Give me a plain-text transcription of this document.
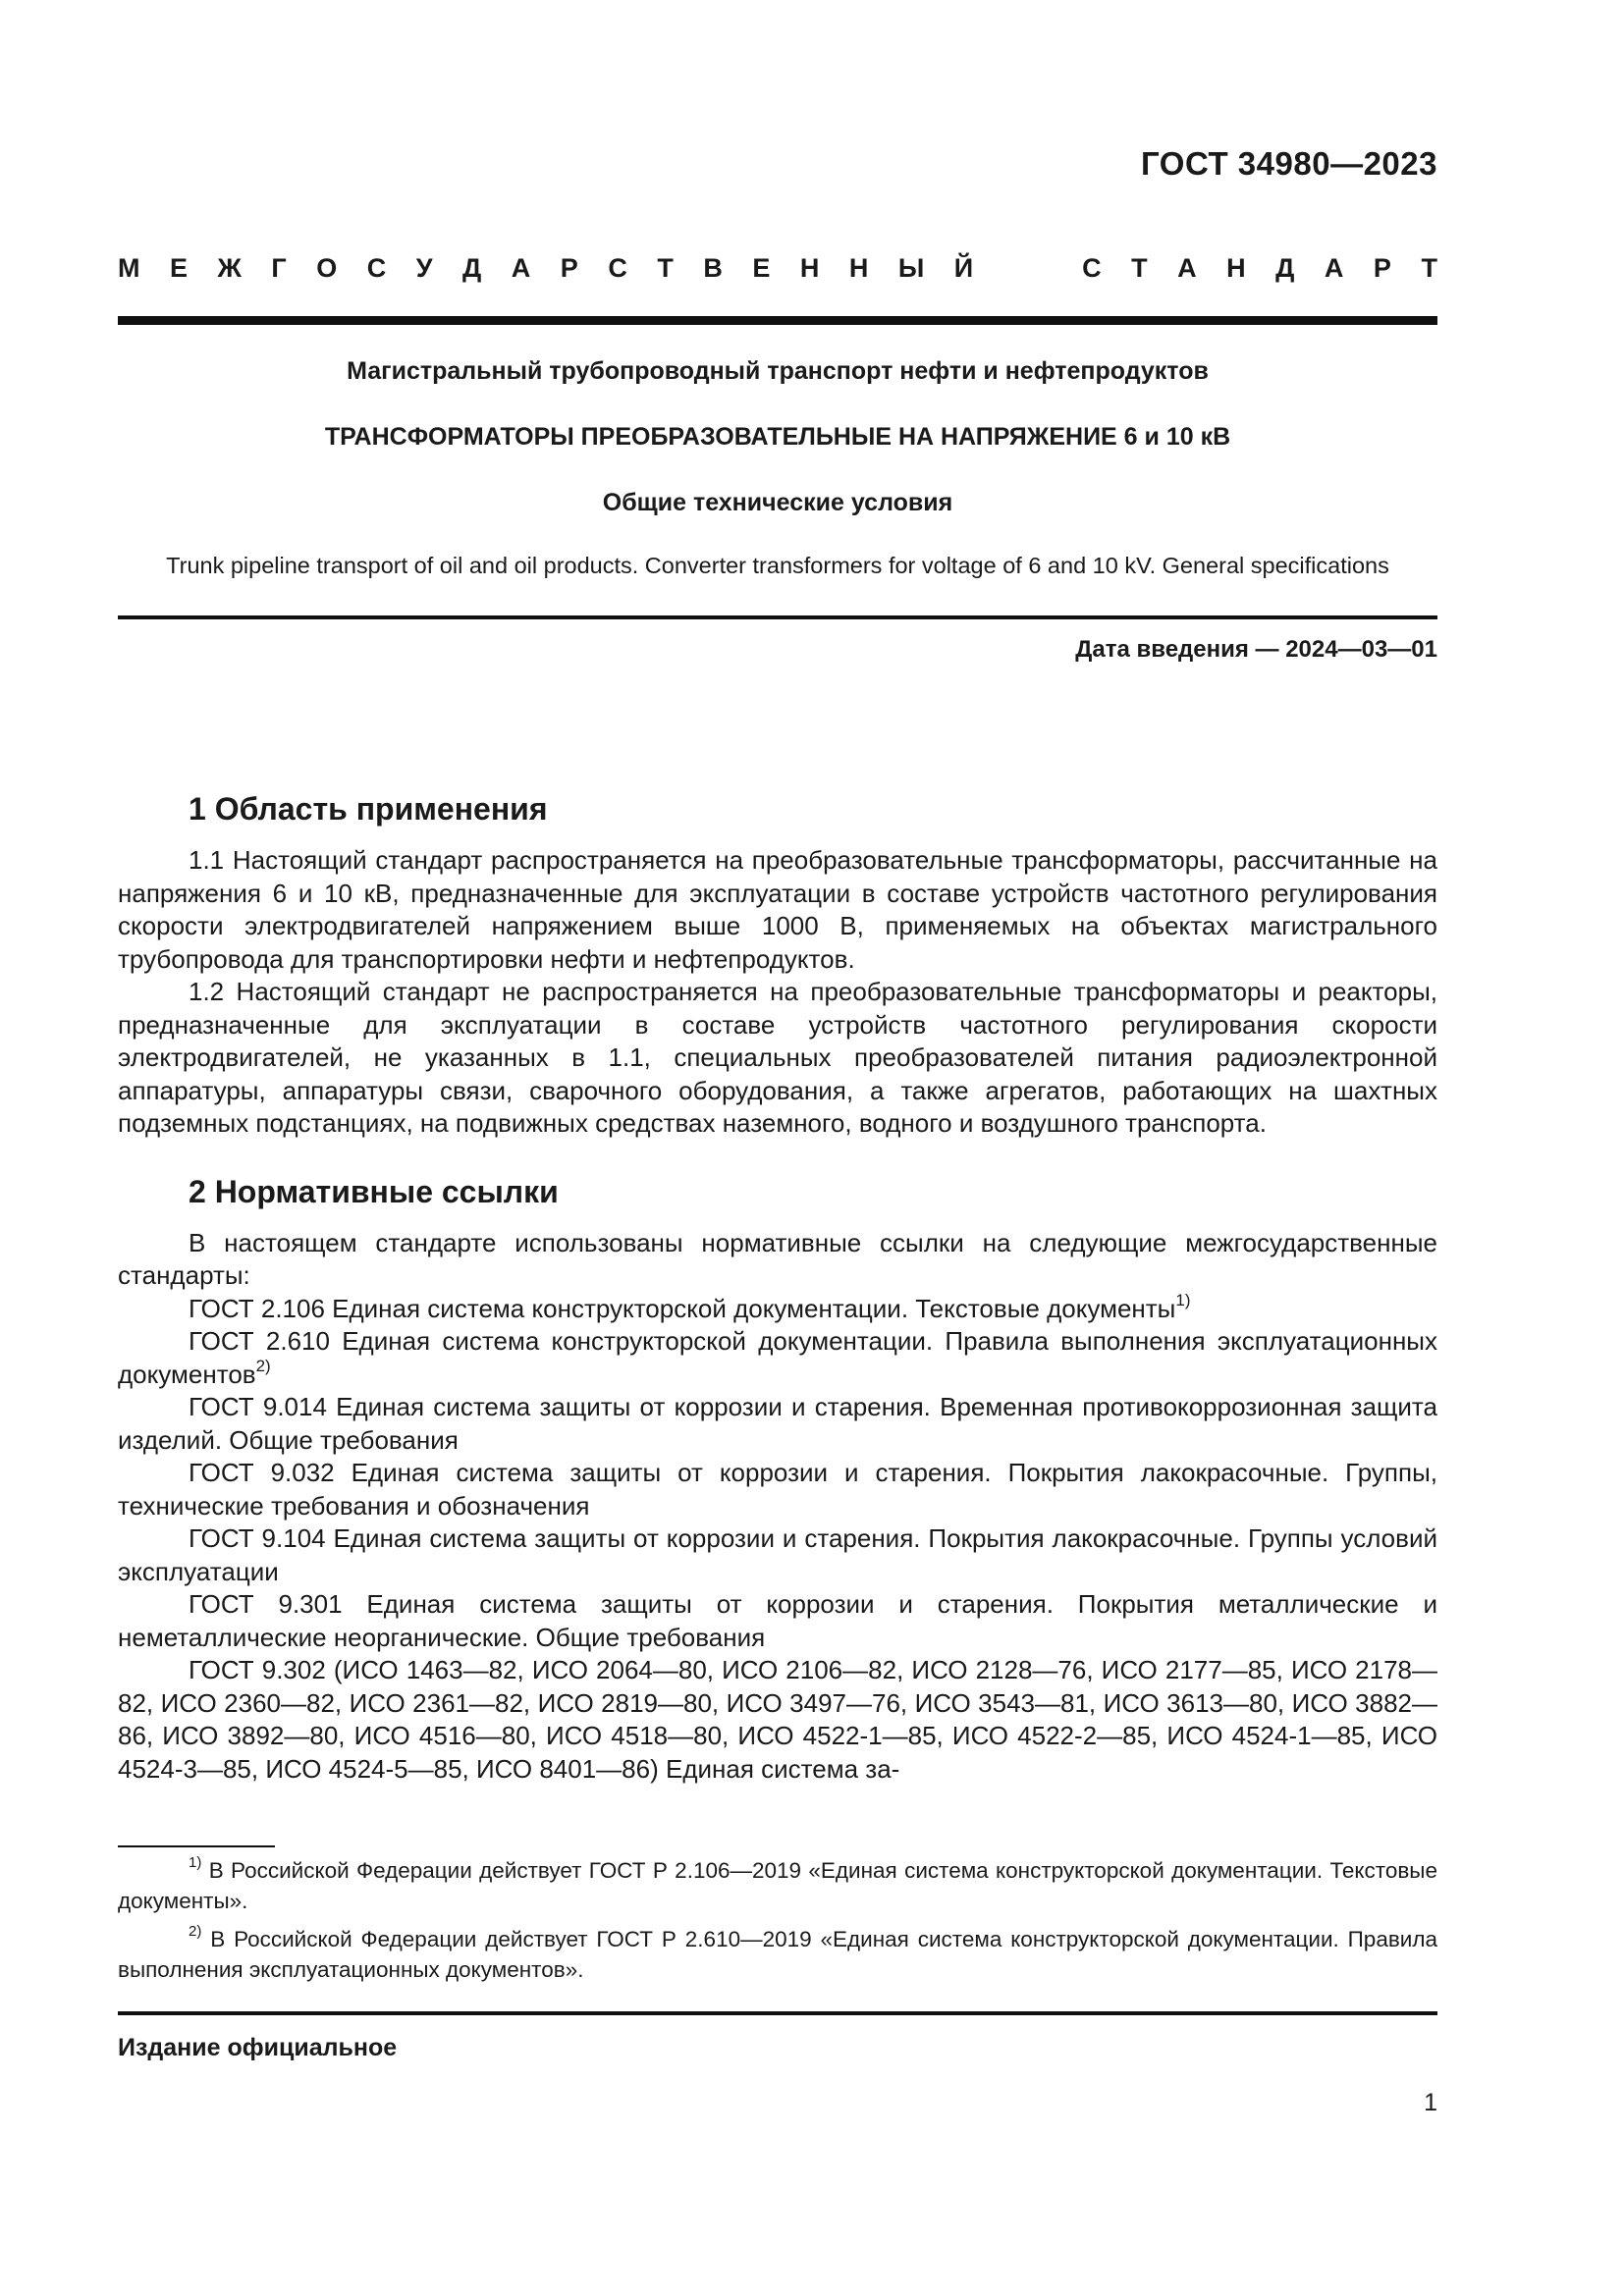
ГОСТ 34980—2023
М Е Ж Г О С У Д А Р С Т В Е Н Н Ы Й	С Т А Н Д А Р Т
Магистральный трубопроводный транспорт нефти и нефтепродуктов
ТРАНСФОРМАТОРЫ ПРЕОБРАЗОВАТЕЛЬНЫЕ НА НАПРЯЖЕНИЕ 6 и 10 кВ
Общие технические условия
Trunk pipeline transport of oil and oil products. Converter transformers for voltage of 6 and 10 kV. General specifications
Дата введения — 2024—03—01
1 Область применения

1.1 Настоящий стандарт распространяется на преобразовательные трансформаторы, рассчитанные на напряжения 6 и 10 кВ, предназначенные для эксплуатации в составе устройств частотного регулирования скорости электродвигателей напряжением выше 1000 В, применяемых на объектах магистрального трубопровода для транспортировки нефти и нефтепродуктов.

1.2 Настоящий стандарт не распространяется на преобразовательные трансформаторы и реакторы, предназначенные для эксплуатации в составе устройств частотного регулирования скорости электродвигателей, не указанных в 1.1, специальных преобразователей питания радиоэлектронной аппаратуры, аппаратуры связи, сварочного оборудования, а также агрегатов, работающих на шахтных подземных подстанциях, на подвижных средствах наземного, водного и воздушного транспорта.

2 Нормативные ссылки

В настоящем стандарте использованы нормативные ссылки на следующие межгосударственные стандарты:

ГОСТ 2.106 Единая система конструкторской документации. Текстовые документы$^{1)}$

ГОСТ 2.610 Единая система конструкторской документации. Правила выполнения эксплуатационных документов$^{2)}$

ГОСТ 9.014 Единая система защиты от коррозии и старения. Временная противокоррозионная защита изделий. Общие требования

ГОСТ 9.032 Единая система защиты от коррозии и старения. Покрытия лакокрасочные. Группы, технические требования и обозначения

ГОСТ 9.104 Единая система защиты от коррозии и старения. Покрытия лакокрасочные. Группы условий эксплуатации

ГОСТ 9.301 Единая система защиты от коррозии и старения. Покрытия металлические и неметаллические неорганические. Общие требования

ГОСТ 9.302 (ИСО 1463—82, ИСО 2064—80, ИСО 2106—82, ИСО 2128—76, ИСО 2177—85, ИСО 2178—82, ИСО 2360—82, ИСО 2361—82, ИСО 2819—80, ИСО 3497—76, ИСО 3543—81, ИСО 3613—80, ИСО 3882—86, ИСО 3892—80, ИСО 4516—80, ИСО 4518—80, ИСО 4522-1—85, ИСО 4522-2—85, ИСО 4524-1—85, ИСО 4524-3—85, ИСО 4524-5—85, ИСО 8401—86) Единая система за-

$^{1)}$ В Российской Федерации действует ГОСТ Р 2.106—2019 «Единая система конструкторской документации. Текстовые документы».

$^{2)}$ В Российской Федерации действует ГОСТ Р 2.610—2019 «Единая система конструкторской документации. Правила выполнения эксплуатационных документов».

Издание официальное
1
